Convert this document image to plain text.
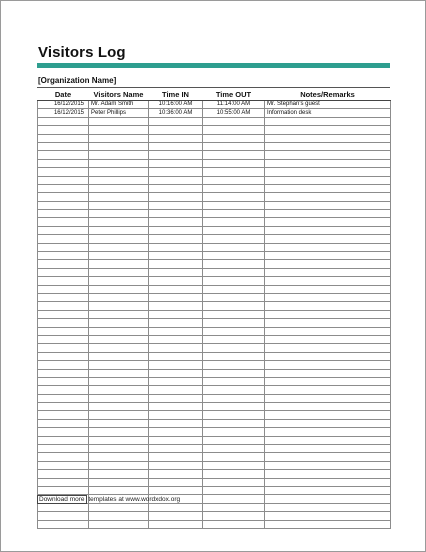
Visitors Log
[Organization Name]
Date	Visitors Name	Time IN	Time OUT	Notes/Remarks
16/12/2015	Mr. Adam Smith	10:16:00 AM	11:14:00 AM	Mr. Stephan's guest
16/12/2015	Peter Phillips	10:36:00 AM	10:55:00 AM	Information desk

Download more templates at www.wordxdox.org
